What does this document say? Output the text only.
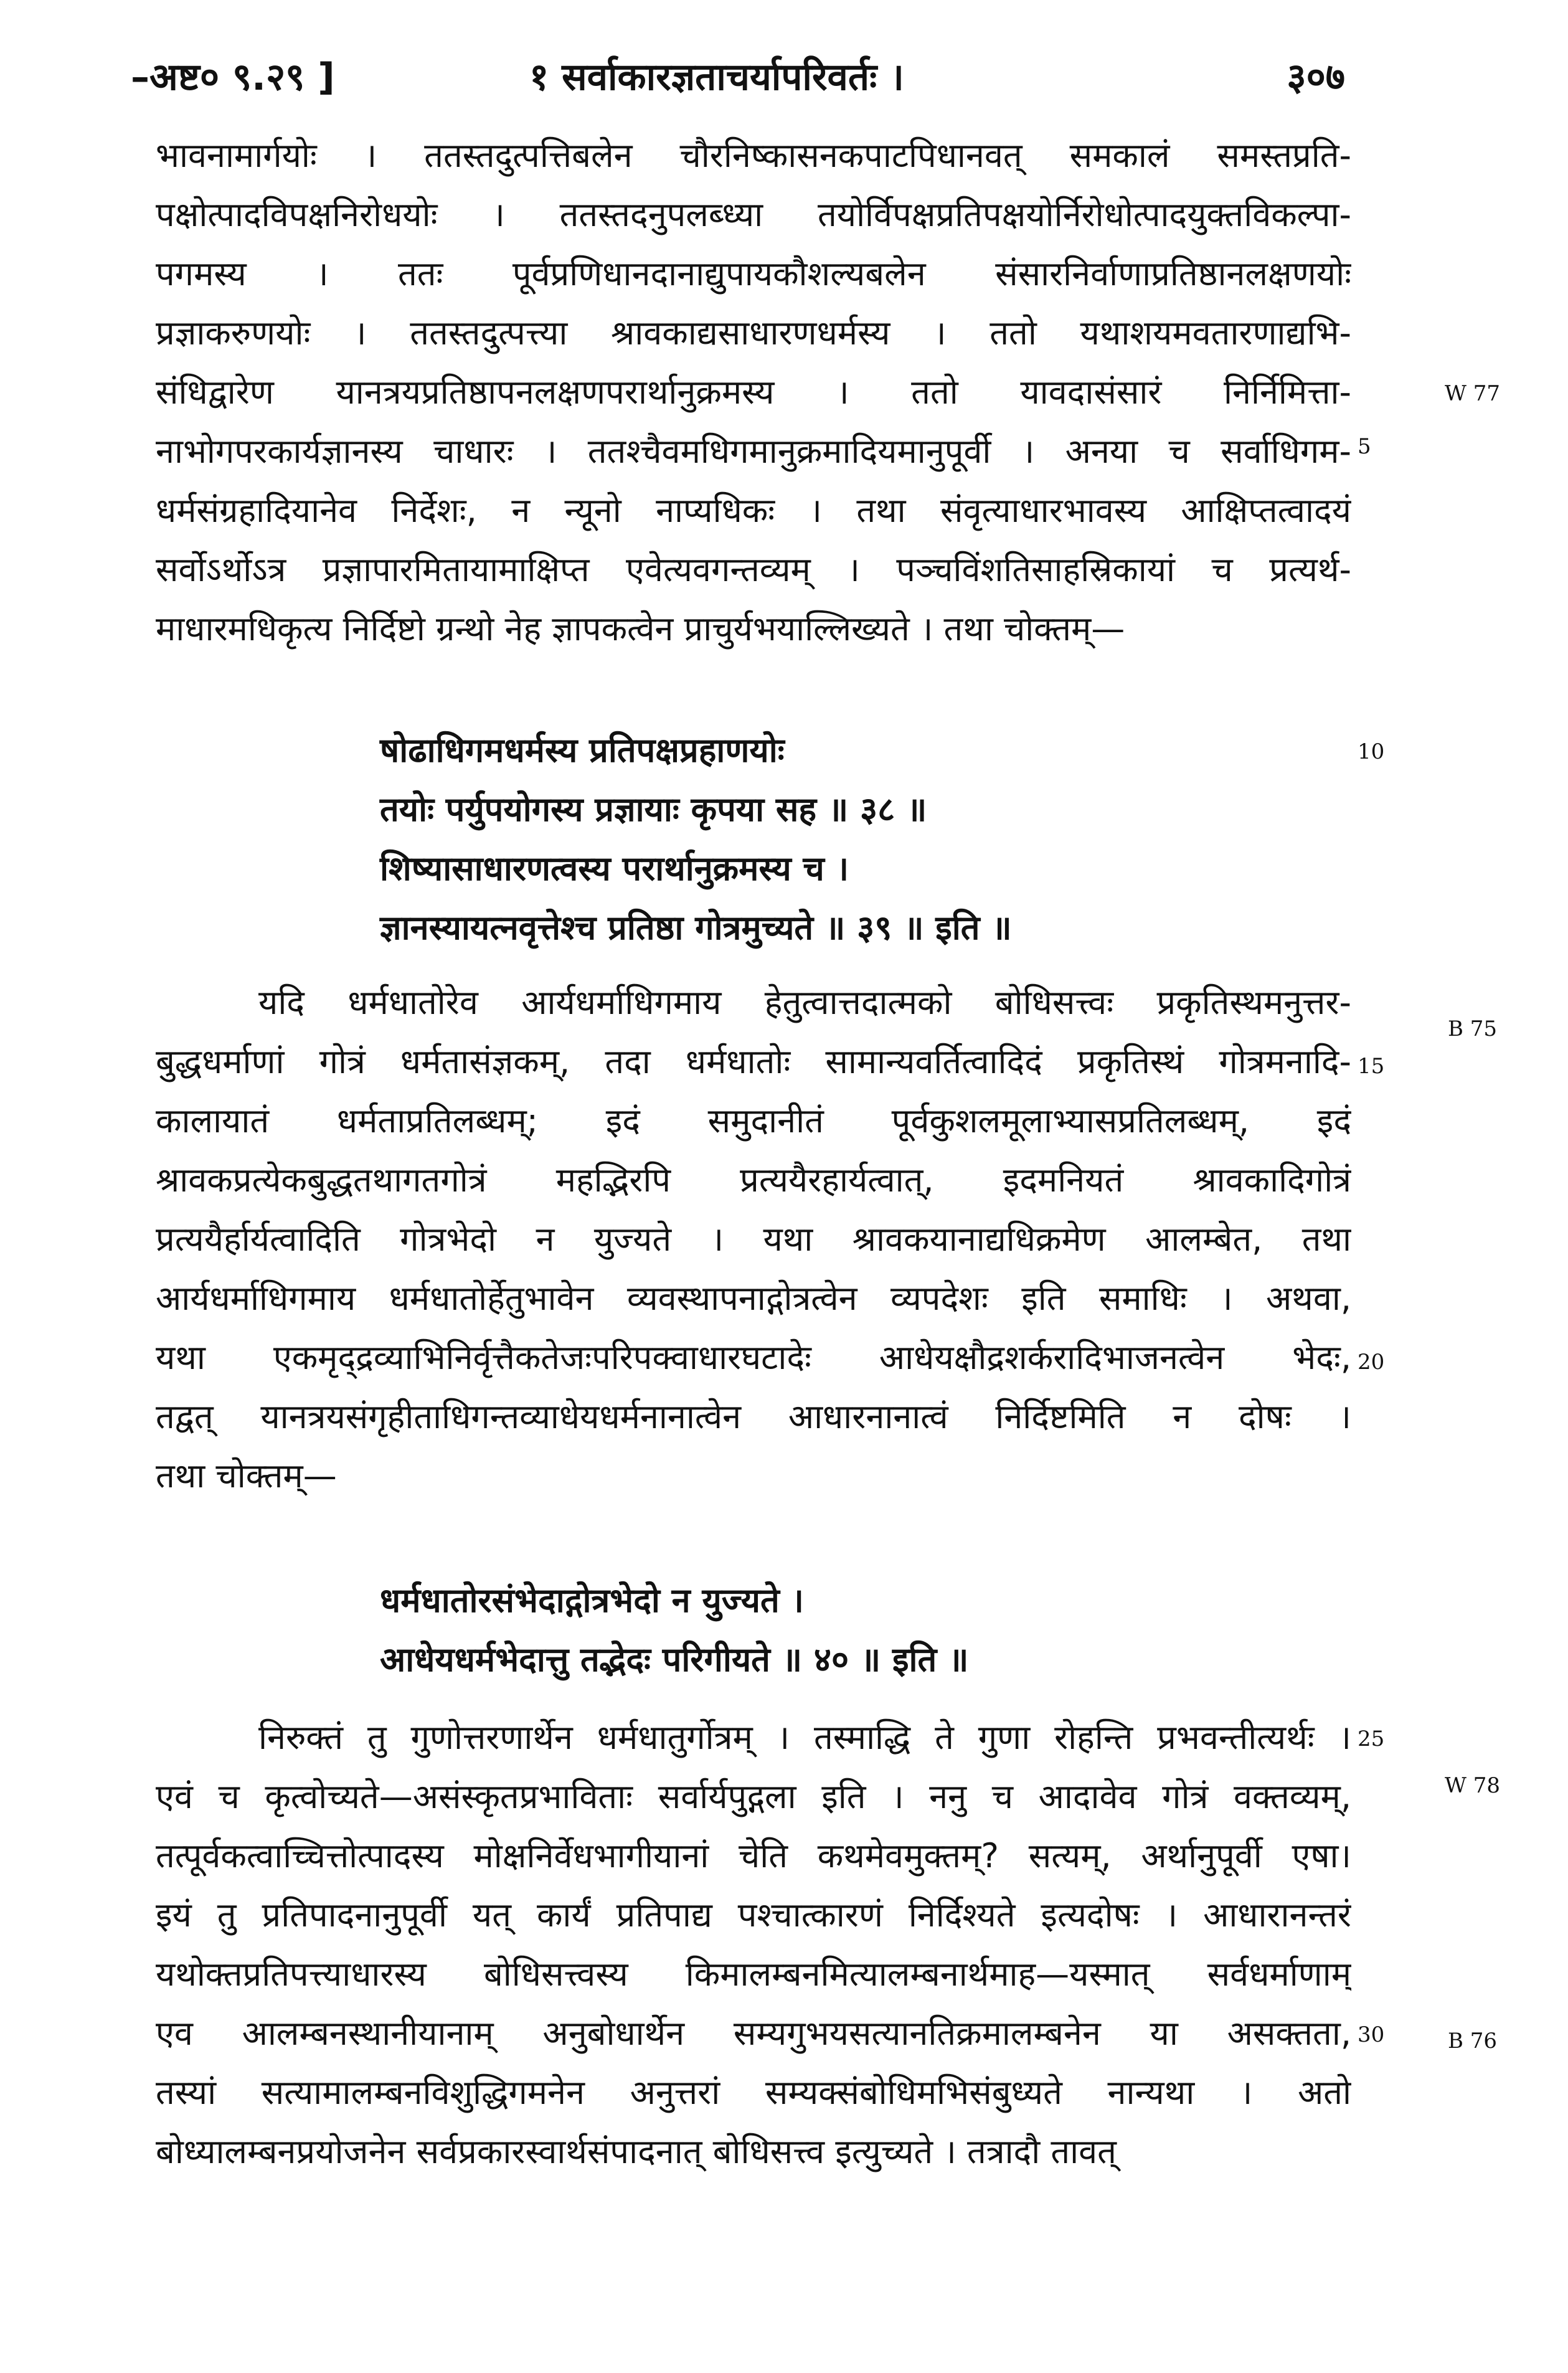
–अष्ट० ९.२९ ]	१ सर्वाकारज्ञताचर्यापरिवर्तः ।	३०७
भावनामार्गयोः । ततस्तदुत्पत्तिबलेन चौरनिष्कासनकपाटपिधानवत् समकालं समस्तप्रति-
पक्षोत्पादविपक्षनिरोधयोः । ततस्तदनुपलब्ध्या तयोर्विपक्षप्रतिपक्षयोर्निरोधोत्पादयुक्तविकल्पा-
पगमस्य । ततः पूर्वप्रणिधानदानाद्युपायकौशल्यबलेन संसारनिर्वाणाप्रतिष्ठानलक्षणयोः
प्रज्ञाकरुणयोः । ततस्तदुत्पत्त्या श्रावकाद्यसाधारणधर्मस्य । ततो यथाशयमवतारणाद्यभि-
संधिद्वारेण यानत्रयप्रतिष्ठापनलक्षणपरार्थानुक्रमस्य । ततो यावदासंसारं निर्निमित्ता-
नाभोगपरकार्यज्ञानस्य चाधारः । ततश्चैवमधिगमानुक्रमादियमानुपूर्वी । अनया च सर्वाधिगम-
धर्मसंग्रहादियानेव निर्देशः, न न्यूनो नाप्यधिकः । तथा संवृत्याधारभावस्य आक्षिप्तत्वादयं
सर्वोऽर्थोऽत्र प्रज्ञापारमितायामाक्षिप्त एवेत्यवगन्तव्यम् । पञ्चविंशतिसाहस्रिकायां च प्रत्यर्थ-
माधारमधिकृत्य निर्दिष्टो ग्रन्थो नेह ज्ञापकत्वेन प्राचुर्यभयाल्लिख्यते । तथा चोक्तम्—
षोढाधिगमधर्मस्य प्रतिपक्षप्रहाणयोः
तयोः पर्युपयोगस्य प्रज्ञायाः कृपया सह ॥ ३८ ॥
शिष्यासाधारणत्वस्य परार्थानुक्रमस्य च ।
ज्ञानस्यायत्नवृत्तेश्च प्रतिष्ठा गोत्रमुच्यते ॥ ३९ ॥ इति ॥
यदि धर्मधातोरेव आर्यधर्माधिगमाय हेतुत्वात्तदात्मको बोधिसत्त्वः प्रकृतिस्थमनुत्तर-
बुद्धधर्माणां गोत्रं धर्मतासंज्ञकम्, तदा धर्मधातोः सामान्यवर्तित्वादिदं प्रकृतिस्थं गोत्रमनादि-
कालायातं धर्मताप्रतिलब्धम्; इदं समुदानीतं पूर्वकुशलमूलाभ्यासप्रतिलब्धम्, इदं
श्रावकप्रत्येकबुद्धतथागतगोत्रं महद्भिरपि प्रत्ययैरहार्यत्वात्, इदमनियतं श्रावकादिगोत्रं
प्रत्ययैर्हार्यत्वादिति गोत्रभेदो न युज्यते । यथा श्रावकयानाद्यधिक्रमेण आलम्बेत, तथा
आर्यधर्माधिगमाय धर्मधातोर्हेतुभावेन व्यवस्थापनाद्गोत्रत्वेन व्यपदेशः इति समाधिः । अथवा,
यथा एकमृद्द्रव्याभिनिर्वृत्तैकतेजःपरिपक्वाधारघटादेः आधेयक्षौद्रशर्करादिभाजनत्वेन भेदः,
तद्वत् यानत्रयसंगृहीताधिगन्तव्याधेयधर्मनानात्वेन आधारनानात्वं निर्दिष्टमिति न दोषः ।
तथा चोक्तम्—
धर्मधातोरसंभेदाद्गोत्रभेदो न युज्यते ।
आधेयधर्मभेदात्तु तद्भेदः परिगीयते ॥ ४० ॥ इति ॥
निरुक्तं तु गुणोत्तरणार्थेन धर्मधातुर्गोत्रम् । तस्माद्धि ते गुणा रोहन्ति प्रभवन्तीत्यर्थः ।
एवं च कृत्वोच्यते—असंस्कृतप्रभाविताः सर्वार्यपुद्गला इति । ननु च आदावेव गोत्रं वक्तव्यम्,
तत्पूर्वकत्वाच्चित्तोत्पादस्य मोक्षनिर्वेधभागीयानां चेति कथमेवमुक्तम्? सत्यम्, अर्थानुपूर्वी एषा।
इयं तु प्रतिपादनानुपूर्वी यत् कार्यं प्रतिपाद्य पश्चात्कारणं निर्दिश्यते इत्यदोषः । आधारानन्तरं
यथोक्तप्रतिपत्त्याधारस्य बोधिसत्त्वस्य किमालम्बनमित्यालम्बनार्थमाह—यस्मात् सर्वधर्माणाम्
एव आलम्बनस्थानीयानाम् अनुबोधार्थेन सम्यगुभयसत्यानतिक्रमालम्बनेन या असक्तता,
तस्यां सत्यामालम्बनविशुद्धिगमनेन अनुत्तरां सम्यक्संबोधिमभिसंबुध्यते नान्यथा । अतो
बोध्यालम्बनप्रयोजनेन सर्वप्रकारस्वार्थसंपादनात् बोधिसत्त्व इत्युच्यते । तत्रादौ तावत्
5
10
15
20
25
30
W 77
B 75
W 78
B 76
